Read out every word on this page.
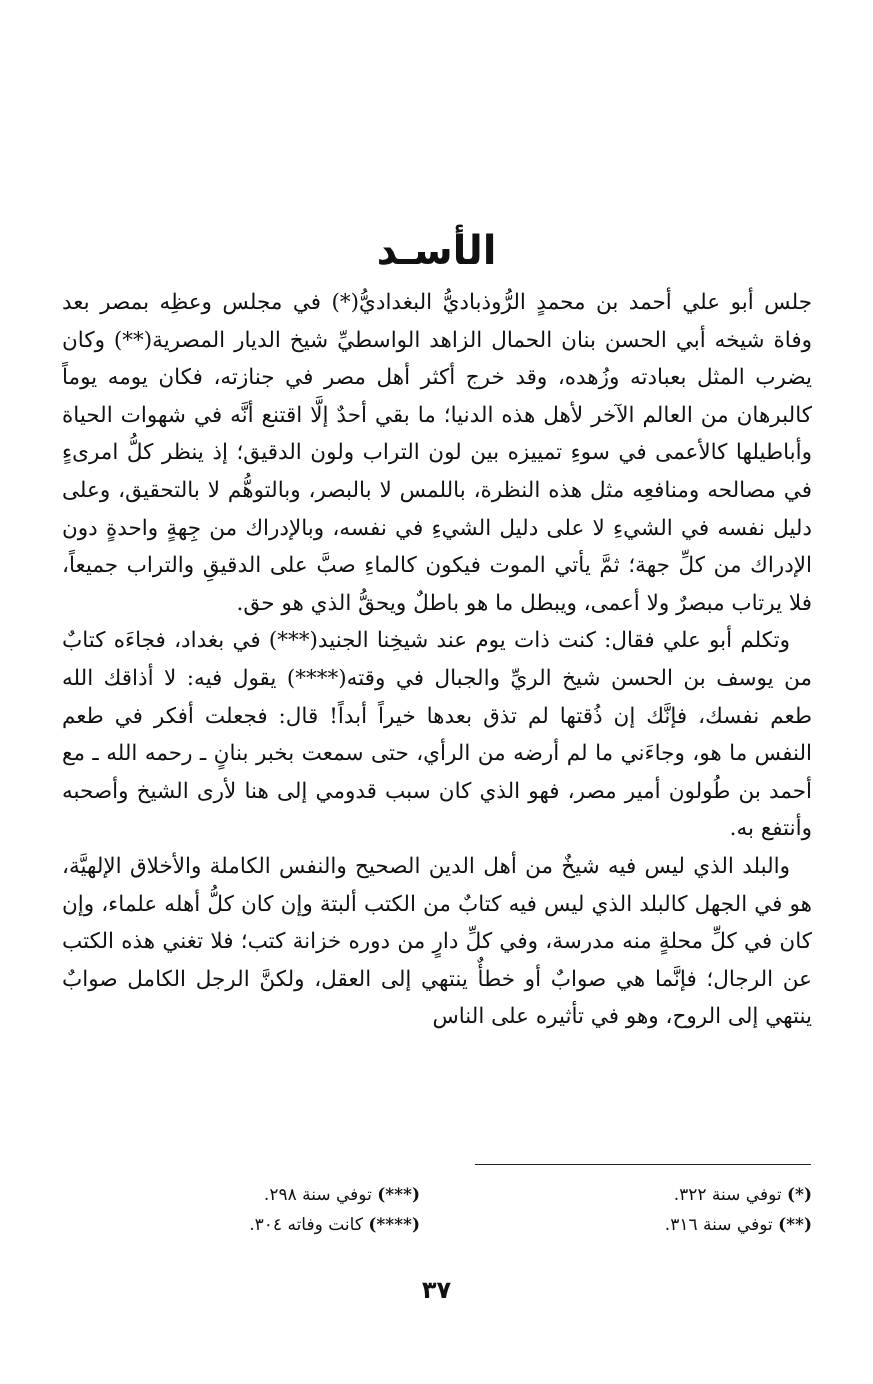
الأسـد

جلس أبو علي أحمد بن محمدٍ الرُّوذباديُّ البغداديُّ(*) في مجلس وعظِه بمصر بعد وفاة شيخه أبي الحسن بنان الحمال الزاهد الواسطيِّ شيخ الديار المصرية(**) وكان يضرب المثل بعبادته وزُهده، وقد خرج أكثر أهل مصر في جنازته، فكان يومه يوماً كالبرهان من العالم الآخر لأهل هذه الدنيا؛ ما بقي أحدٌ إلَّا اقتنع أنَّه في شهوات الحياة وأباطيلها كالأعمى في سوءِ تمييزه بين لون التراب ولون الدقيق؛ إذ ينظر كلُّ امرىءٍ في مصالحه ومنافعِه مثل هذه النظرة، باللمس لا بالبصر، وبالتوهُّم لا بالتحقيق، وعلى دليل نفسه في الشيءِ لا على دليل الشيءِ في نفسه، وبالإدراك من جِهةٍ واحدةٍ دون الإدراك من كلِّ جهة؛ ثمَّ يأتي الموت فيكون كالماءِ صبَّ على الدقيقِ والتراب جميعاً، فلا يرتاب مبصرٌ ولا أعمى، ويبطل ما هو باطلٌ ويحقُّ الذي هو حق.

وتكلم أبو علي فقال: كنت ذات يوم عند شيخِنا الجنيد(***) في بغداد، فجاءَه كتابٌ من يوسف بن الحسن شيخ الريِّ والجبال في وقته(****) يقول فيه: لا أذاقك الله طعم نفسك، فإنَّك إن ذُقتها لم تذق بعدها خيراً أبداً! قال: فجعلت أفكر في طعم النفس ما هو، وجاءَني ما لم أرضه من الرأي، حتى سمعت بخبر بنانٍ ـ رحمه الله ـ مع أحمد بن طُولون أمير مصر، فهو الذي كان سبب قدومي إلى هنا لأرى الشيخ وأصحبه وأنتفع به.

والبلد الذي ليس فيه شيخٌ من أهل الدين الصحيح والنفس الكاملة والأخلاق الإلهيَّة، هو في الجهل كالبلد الذي ليس فيه كتابٌ من الكتب ألبتة وإن كان كلُّ أهله علماء، وإن كان في كلِّ محلةٍ منه مدرسة، وفي كلِّ دارٍ من دوره خزانة كتب؛ فلا تغني هذه الكتب عن الرجال؛ فإنَّما هي صوابٌ أو خطأٌ ينتهي إلى العقل، ولكنَّ الرجل الكامل صوابٌ ينتهي إلى الروح، وهو في تأثيره على الناس

(*) توفي سنة ٣٢٢.
(**) توفي سنة ٣١٦.
(***) توفي سنة ٢٩٨.
(****) كانت وفاته ٣٠٤.
٣٧
